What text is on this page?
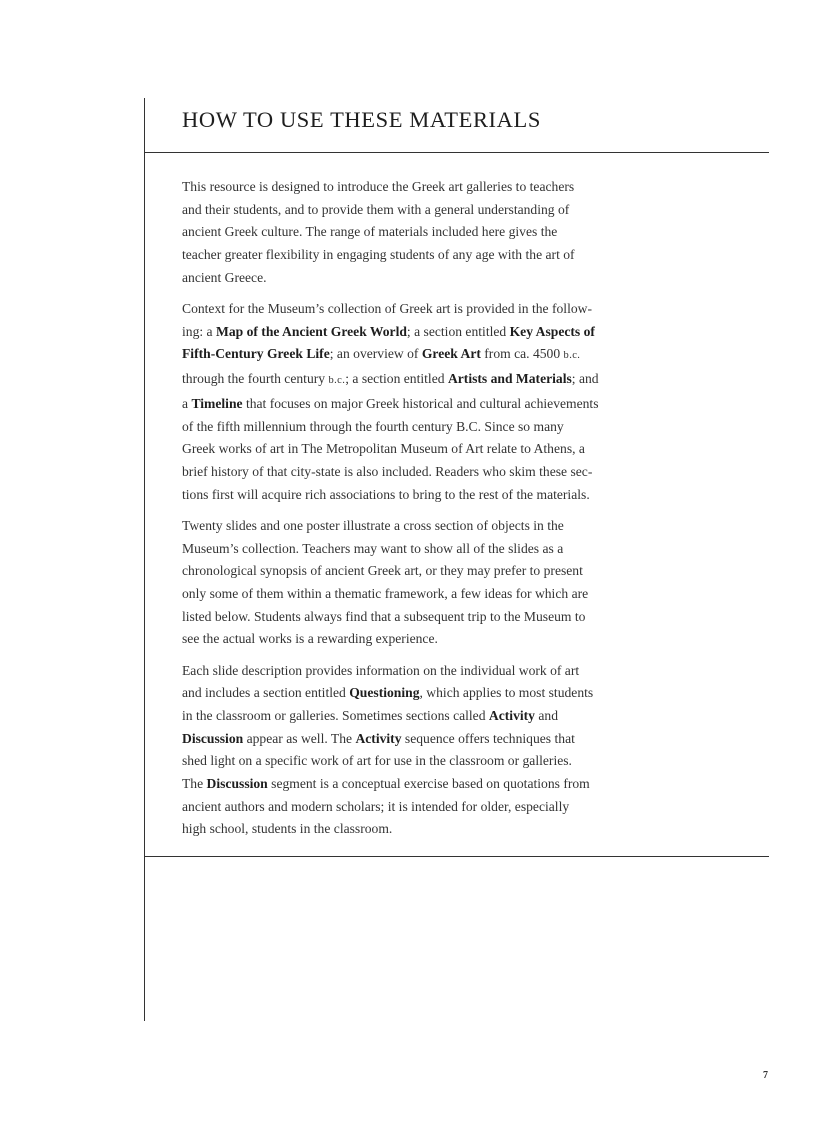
HOW TO USE THESE MATERIALS

This resource is designed to introduce the Greek art galleries to teachers
and their students, and to provide them with a general understanding of
ancient Greek culture. The range of materials included here gives the
teacher greater flexibility in engaging students of any age with the art of
ancient Greece.

Context for the Museum’s collection of Greek art is provided in the follow-
ing: a Map of the Ancient Greek World; a section entitled Key Aspects of
Fifth-Century Greek Life; an overview of Greek Art from ca. 4500 b.c.
through the fourth century b.c.; a section entitled Artists and Materials; and
a Timeline that focuses on major Greek historical and cultural achievements
of the fifth millennium through the fourth century B.C. Since so many
Greek works of art in The Metropolitan Museum of Art relate to Athens, a
brief history of that city-state is also included. Readers who skim these sec-
tions first will acquire rich associations to bring to the rest of the materials.

Twenty slides and one poster illustrate a cross section of objects in the
Museum’s collection. Teachers may want to show all of the slides as a
chronological synopsis of ancient Greek art, or they may prefer to present
only some of them within a thematic framework, a few ideas for which are
listed below. Students always find that a subsequent trip to the Museum to
see the actual works is a rewarding experience.

Each slide description provides information on the individual work of art
and includes a section entitled Questioning, which applies to most students
in the classroom or galleries. Sometimes sections called Activity and
Discussion appear as well. The Activity sequence offers techniques that
shed light on a specific work of art for use in the classroom or galleries.
The Discussion segment is a conceptual exercise based on quotations from
ancient authors and modern scholars; it is intended for older, especially
high school, students in the classroom.

7
